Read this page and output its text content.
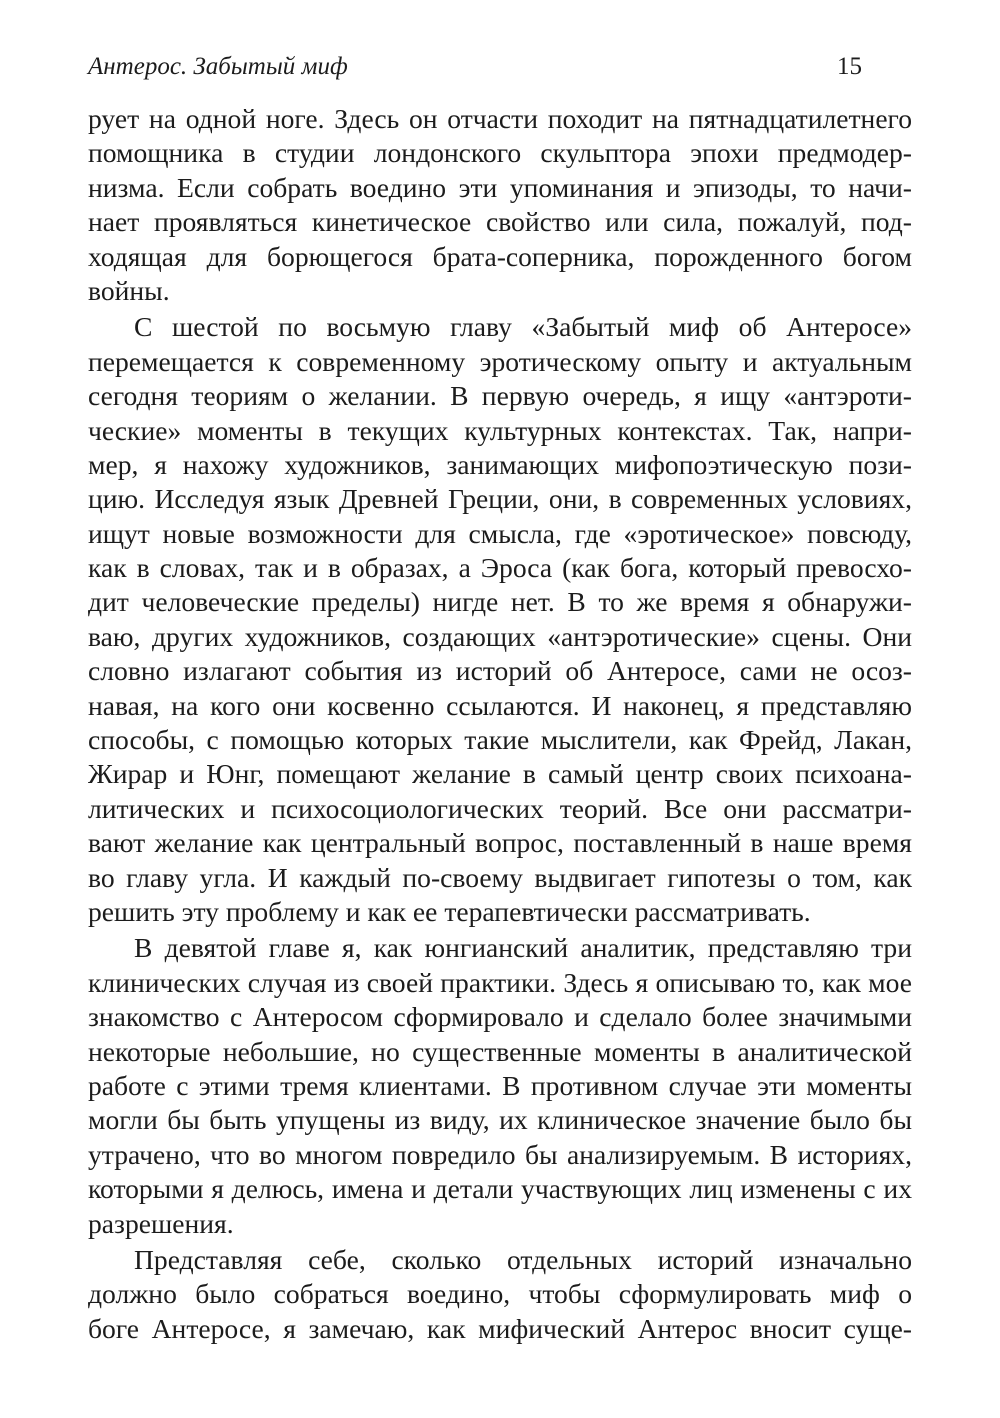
Антерос. Забытый миф	15
рует на одной ноге. Здесь он отчасти походит на пятнадцатилетнего
помощника в студии лондонского скульптора эпохи предмодер-
низма. Если собрать воедино эти упоминания и эпизоды, то начи-
нает проявляться кинетическое свойство или сила, пожалуй, под-
ходящая для борющегося брата-соперника, порожденного богом
войны.
С шестой по восьмую главу «Забытый миф об Антеросе»
перемещается к современному эротическому опыту и актуальным
сегодня теориям о желании. В первую очередь, я ищу «антэроти-
ческие» моменты в текущих культурных контекстах. Так, напри-
мер, я нахожу художников, занимающих мифопоэтическую пози-
цию. Исследуя язык Древней Греции, они, в современных условиях,
ищут новые возможности для смысла, где «эротическое» повсюду,
как в словах, так и в образах, а Эроса (как бога, который превосхо-
дит человеческие пределы) нигде нет. В то же время я обнаружи-
ваю, других художников, создающих «антэротические» сцены. Они
словно излагают события из историй об Антеросе, сами не осоз-
навая, на кого они косвенно ссылаются. И наконец, я представляю
способы, с помощью которых такие мыслители, как Фрейд, Лакан,
Жирар и Юнг, помещают желание в самый центр своих психоана-
литических и психосоциологических теорий. Все они рассматри-
вают желание как центральный вопрос, поставленный в наше время
во главу угла. И каждый по-своему выдвигает гипотезы о том, как
решить эту проблему и как ее терапевтически рассматривать.
В девятой главе я, как юнгианский аналитик, представляю три
клинических случая из своей практики. Здесь я описываю то, как мое
знакомство с Антеросом сформировало и сделало более значимыми
некоторые небольшие, но существенные моменты в аналитической
работе с этими тремя клиентами. В противном случае эти моменты
могли бы быть упущены из виду, их клиническое значение было бы
утрачено, что во многом повредило бы анализируемым. В историях,
которыми я делюсь, имена и детали участвующих лиц изменены с их
разрешения.
Представляя себе, сколько отдельных историй изначально
должно было собраться воедино, чтобы сформулировать миф о
боге Антеросе, я замечаю, как мифический Антерос вносит суще-
